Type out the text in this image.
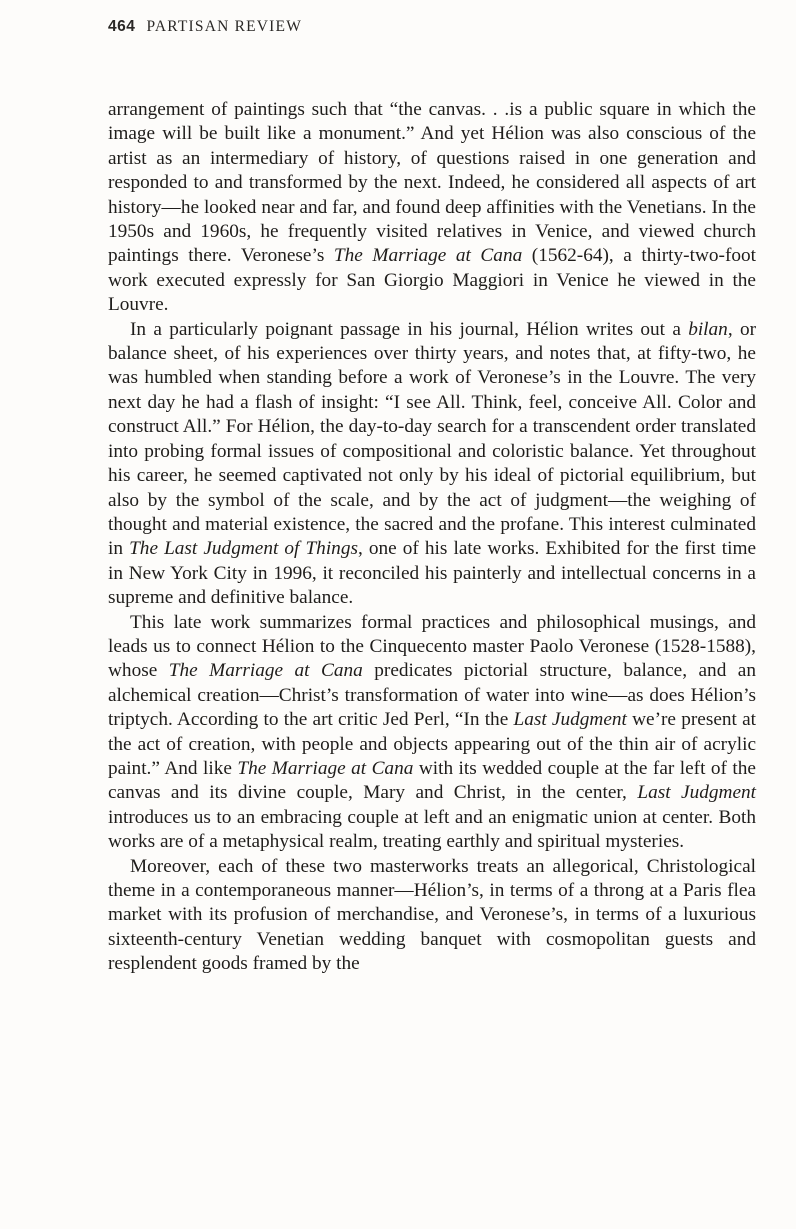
464 PARTISAN REVIEW

arrangement of paintings such that “the canvas. . .is a public square in which the image will be built like a monument.” And yet Hélion was also conscious of the artist as an intermediary of history, of questions raised in one generation and responded to and transformed by the next. Indeed, he considered all aspects of art history—he looked near and far, and found deep affinities with the Venetians. In the 1950s and 1960s, he frequently visited relatives in Venice, and viewed church paintings there. Veronese’s The Marriage at Cana (1562-64), a thirty-two-foot work executed expressly for San Giorgio Maggiori in Venice he viewed in the Louvre.

In a particularly poignant passage in his journal, Hélion writes out a bilan, or balance sheet, of his experiences over thirty years, and notes that, at fifty-two, he was humbled when standing before a work of Veronese’s in the Louvre. The very next day he had a flash of insight: “I see All. Think, feel, conceive All. Color and construct All.” For Hélion, the day-to-day search for a transcendent order translated into probing formal issues of compositional and coloristic balance. Yet throughout his career, he seemed captivated not only by his ideal of pictorial equilibrium, but also by the symbol of the scale, and by the act of judgment—the weighing of thought and material existence, the sacred and the profane. This interest culminated in The Last Judgment of Things, one of his late works. Exhibited for the first time in New York City in 1996, it reconciled his painterly and intellectual concerns in a supreme and definitive balance.

This late work summarizes formal practices and philosophical musings, and leads us to connect Hélion to the Cinquecento master Paolo Veronese (1528-1588), whose The Marriage at Cana predicates pictorial structure, balance, and an alchemical creation—Christ’s transformation of water into wine—as does Hélion’s triptych. According to the art critic Jed Perl, “In the Last Judgment we’re present at the act of creation, with people and objects appearing out of the thin air of acrylic paint.” And like The Marriage at Cana with its wedded couple at the far left of the canvas and its divine couple, Mary and Christ, in the center, Last Judgment introduces us to an embracing couple at left and an enigmatic union at center. Both works are of a metaphysical realm, treating earthly and spiritual mysteries.

Moreover, each of these two masterworks treats an allegorical, Christological theme in a contemporaneous manner—Hélion’s, in terms of a throng at a Paris flea market with its profusion of merchandise, and Veronese’s, in terms of a luxurious sixteenth-century Venetian wedding banquet with cosmopolitan guests and resplendent goods framed by the
